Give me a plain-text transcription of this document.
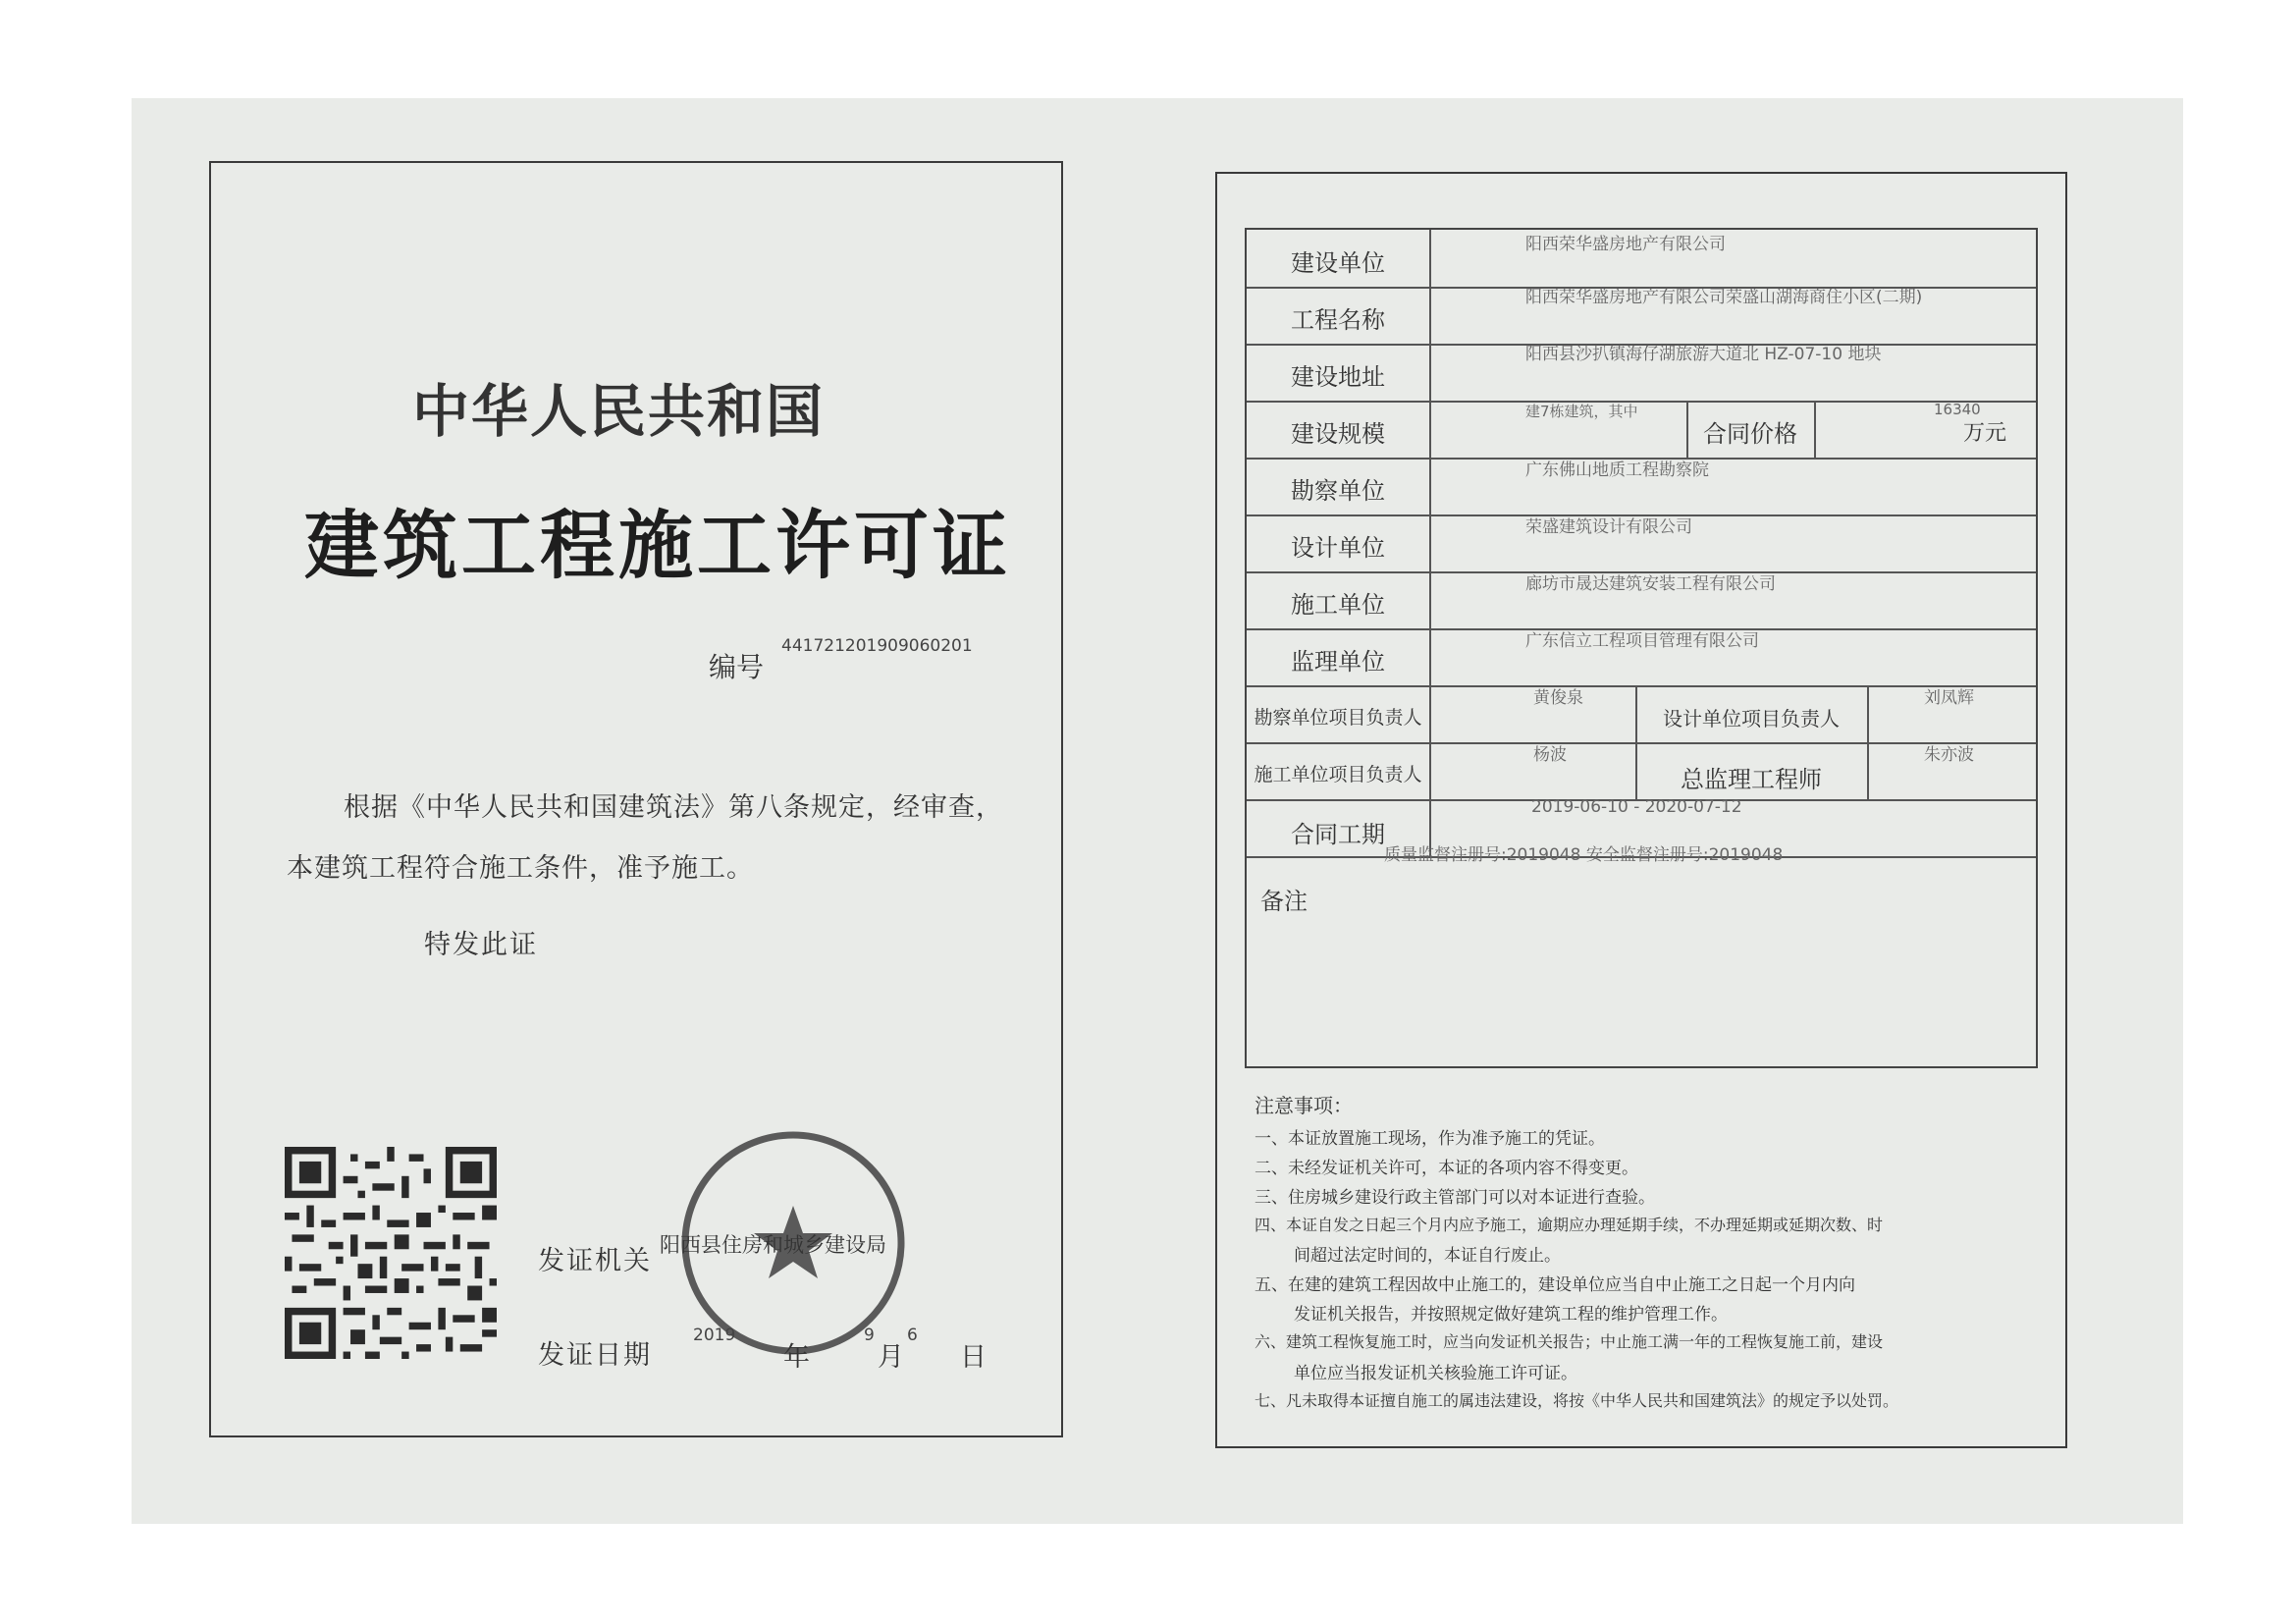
中华人民共和国
建筑工程施工许可证
编号
441721201909060201
根据《中华人民共和国建筑法》第八条规定，经审查，
本建筑工程符合施工条件，准予施工。
特发此证
发证机关
阳西县住房和城乡建设局
发证日期
2019
年
9
月
6
日
建设单位
阳西荣华盛房地产有限公司
工程名称
阳西荣华盛房地产有限公司荣盛山湖海商住小区(二期)
建设地址
阳西县沙扒镇海仔湖旅游大道北 HZ-07-10 地块
建设规模
建7栋建筑，其中
合同价格
16340
万元
勘察单位
广东佛山地质工程勘察院
设计单位
荣盛建筑设计有限公司
施工单位
廊坊市晟达建筑安装工程有限公司
监理单位
广东信立工程项目管理有限公司
勘察单位项目负责人
黄俊泉
设计单位项目负责人
刘凤辉
施工单位项目负责人
杨波
总监理工程师
朱亦波
合同工期
2019-06-10 - 2020-07-12
质量监督注册号:2019048 安全监督注册号:2019048
备注
注意事项：
一、本证放置施工现场，作为准予施工的凭证。
二、未经发证机关许可，本证的各项内容不得变更。
三、住房城乡建设行政主管部门可以对本证进行查验。
四、本证自发之日起三个月内应予施工，逾期应办理延期手续，不办理延期或延期次数、时
间超过法定时间的，本证自行废止。
五、在建的建筑工程因故中止施工的，建设单位应当自中止施工之日起一个月内向
发证机关报告，并按照规定做好建筑工程的维护管理工作。
六、建筑工程恢复施工时，应当向发证机关报告；中止施工满一年的工程恢复施工前，建设
单位应当报发证机关核验施工许可证。
七、凡未取得本证擅自施工的属违法建设，将按《中华人民共和国建筑法》的规定予以处罚。
